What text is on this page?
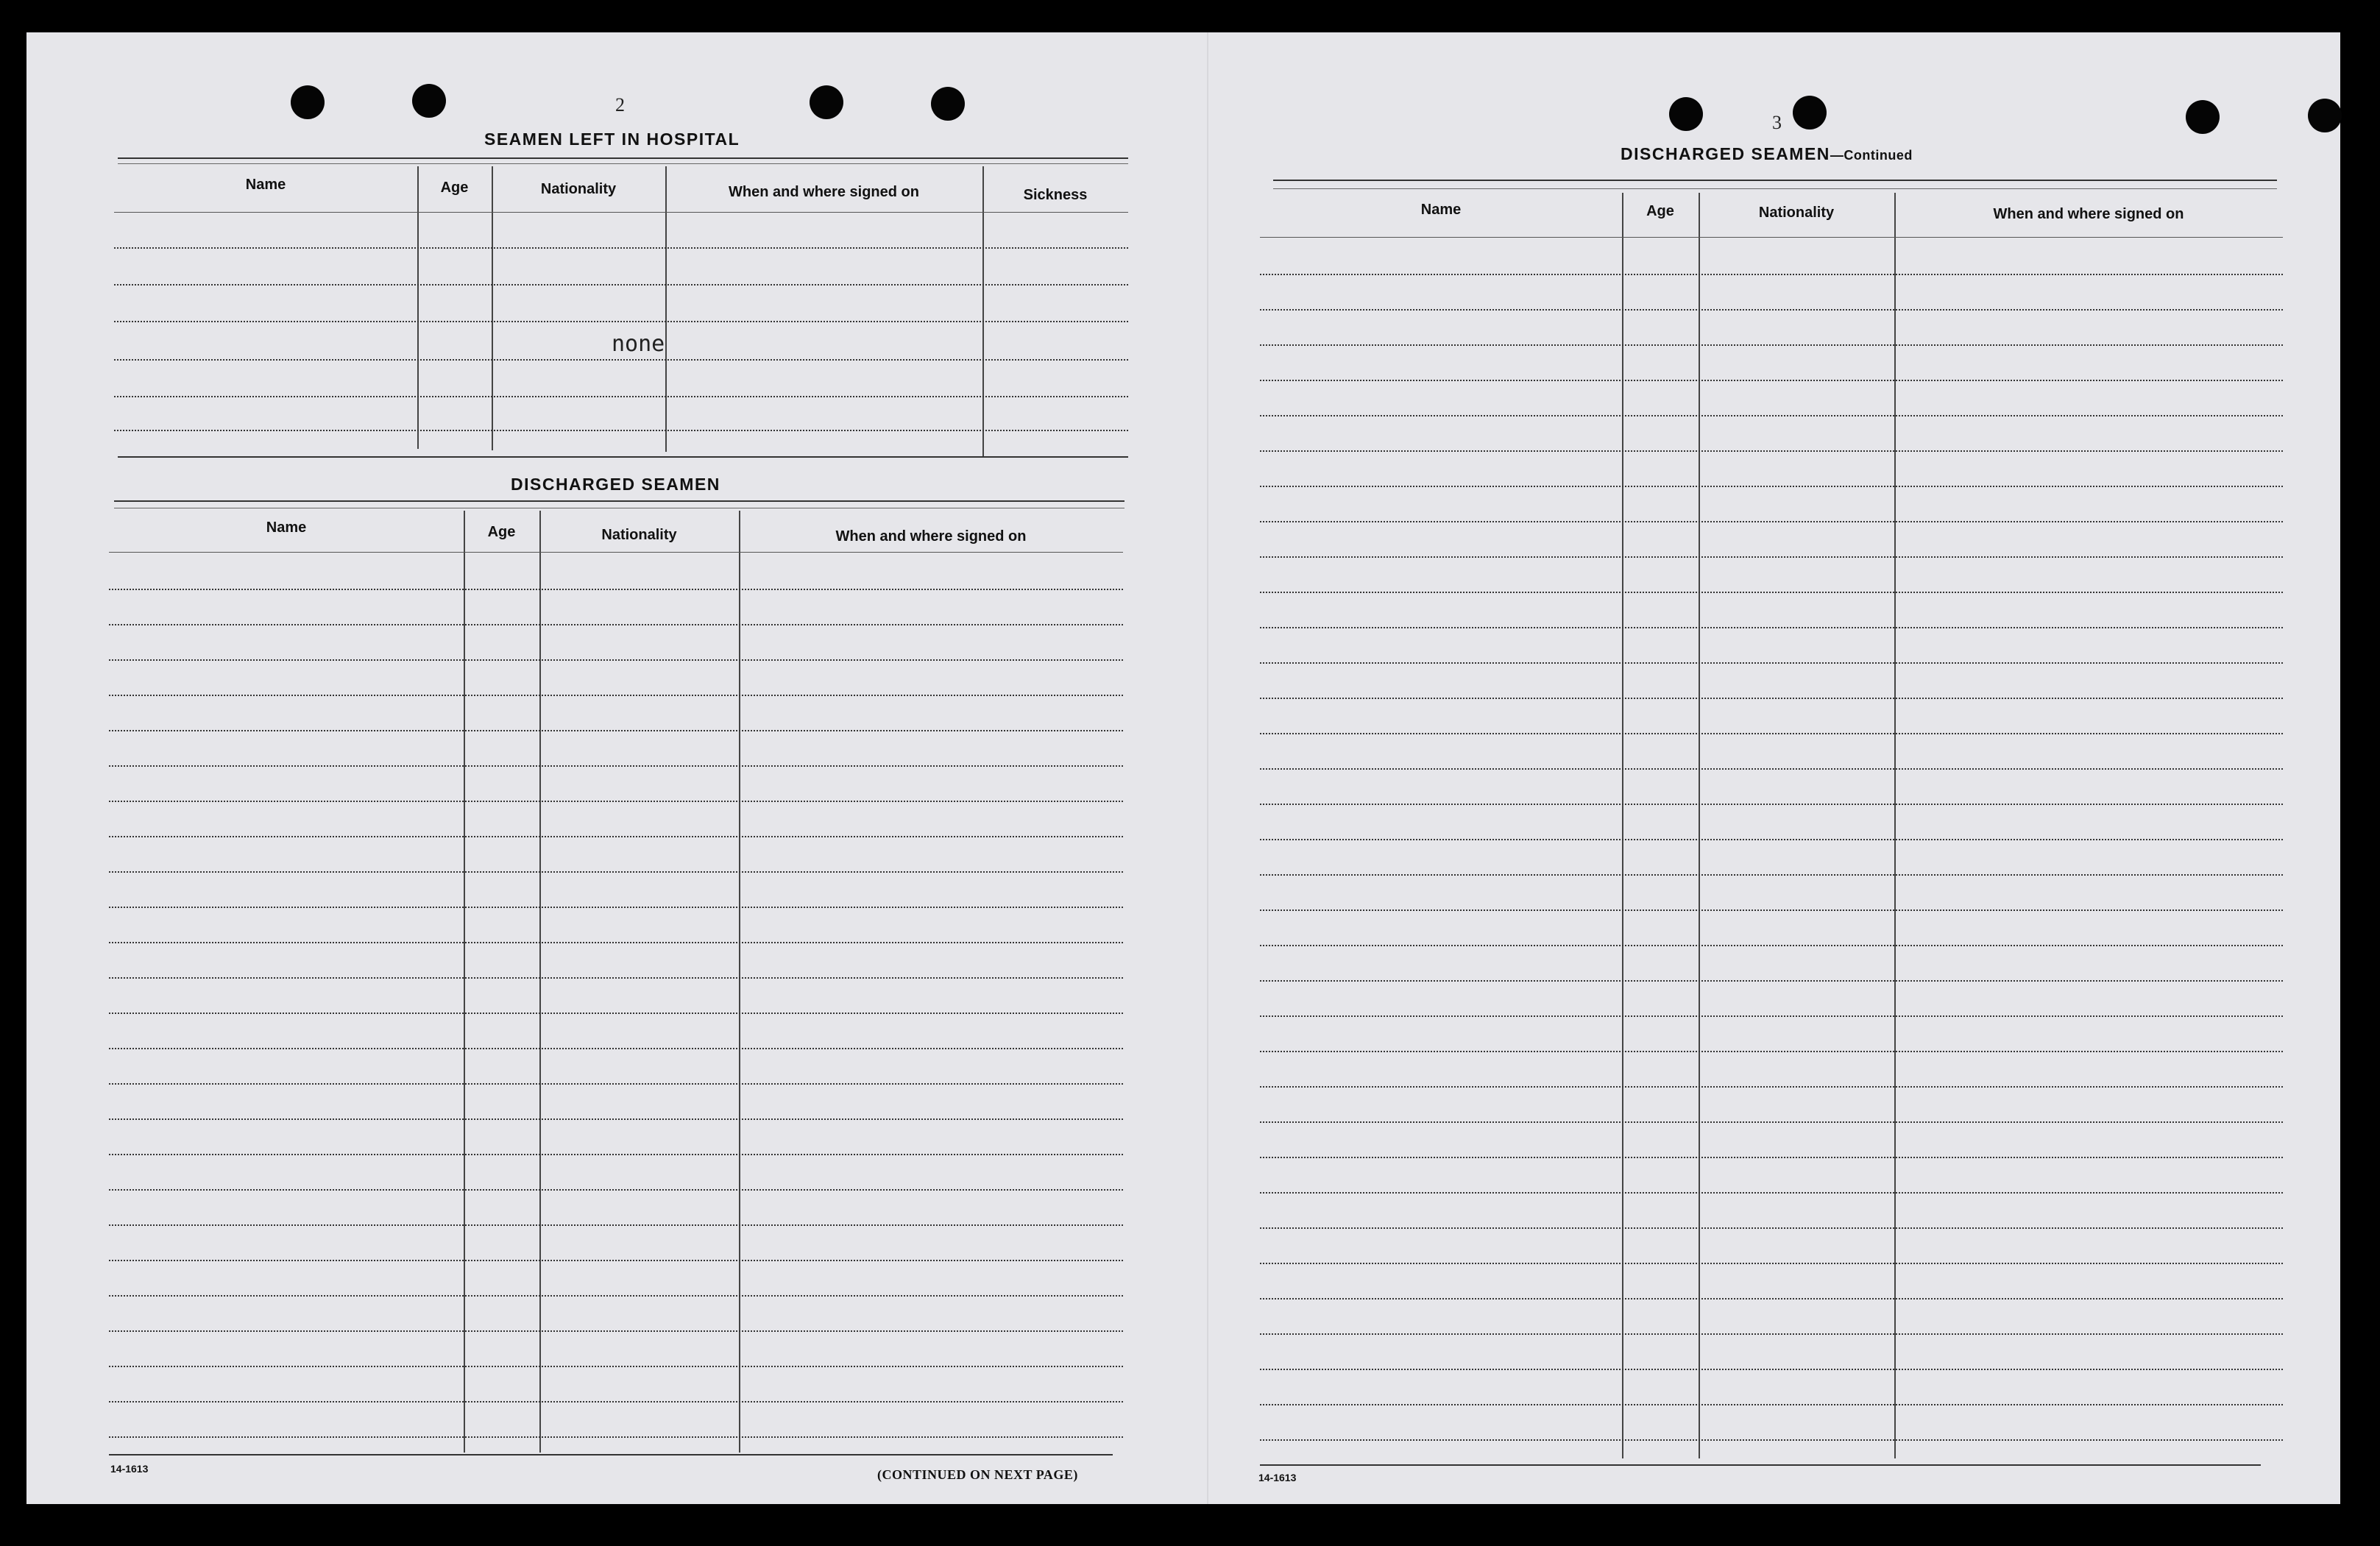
2
SEAMEN LEFT IN HOSPITAL
Name	Age	Nationality	When and where signed on	Sickness
none
DISCHARGED SEAMEN
Name	Age	Nationality	When and where signed on
14-1613	(CONTINUED ON NEXT PAGE)
3
DISCHARGED SEAMEN—Continued
Name	Age	Nationality	When and where signed on
14-1613
